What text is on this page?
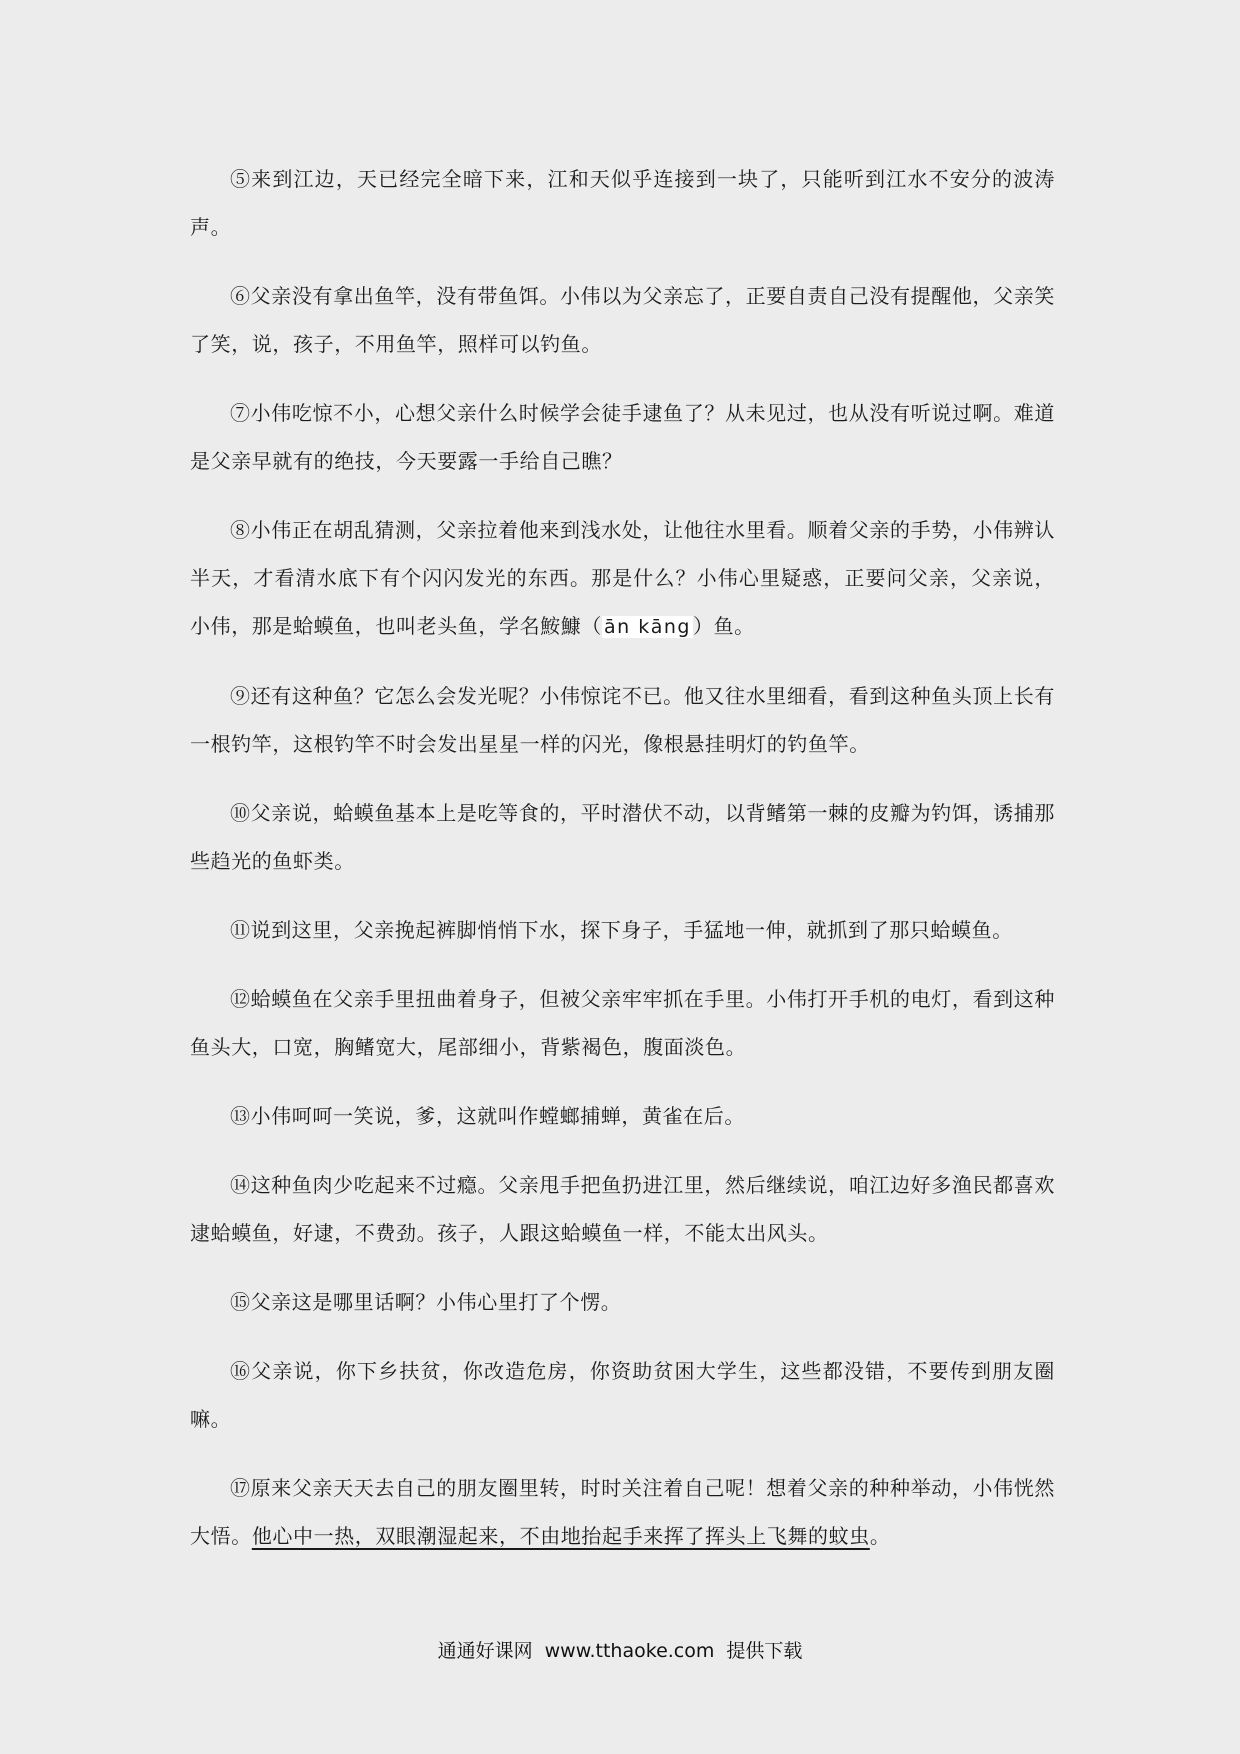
⑤来到江边，天已经完全暗下来，江和天似乎连接到一块了，只能听到江水不安分的波涛声。

⑥父亲没有拿出鱼竿，没有带鱼饵。小伟以为父亲忘了，正要自责自己没有提醒他，父亲笑了笑，说，孩子，不用鱼竿，照样可以钓鱼。

⑦小伟吃惊不小，心想父亲什么时候学会徒手逮鱼了？从未见过，也从没有听说过啊。难道是父亲早就有的绝技，今天要露一手给自己瞧？

⑧小伟正在胡乱猜测，父亲拉着他来到浅水处，让他往水里看。顺着父亲的手势，小伟辨认半天，才看清水底下有个闪闪发光的东西。那是什么？小伟心里疑惑，正要问父亲，父亲说，小伟，那是蛤蟆鱼，也叫老头鱼，学名鮟鱇（ ān kāng ）鱼。

⑨还有这种鱼？它怎么会发光呢？小伟惊诧不已。他又往水里细看，看到这种鱼头顶上长有一根钓竿，这根钓竿不时会发出星星一样的闪光，像根悬挂明灯的钓鱼竿。

⑩父亲说，蛤蟆鱼基本上是吃等食的，平时潜伏不动，以背鳍第一棘的皮瓣为钓饵，诱捕那些趋光的鱼虾类。

⑪说到这里，父亲挽起裤脚悄悄下水，探下身子，手猛地一伸，就抓到了那只蛤蟆鱼。

⑫蛤蟆鱼在父亲手里扭曲着身子，但被父亲牢牢抓在手里。小伟打开手机的电灯，看到这种鱼头大，口宽，胸鳍宽大，尾部细小，背紫褐色，腹面淡色。

⑬小伟呵呵一笑说，爹，这就叫作螳螂捕蝉，黄雀在后。

⑭这种鱼肉少吃起来不过瘾。父亲甩手把鱼扔进江里，然后继续说，咱江边好多渔民都喜欢逮蛤蟆鱼，好逮，不费劲。孩子，人跟这蛤蟆鱼一样，不能太出风头。

⑮父亲这是哪里话啊？小伟心里打了个愣。

⑯父亲说，你下乡扶贫，你改造危房，你资助贫困大学生，这些都没错，不要传到朋友圈嘛。

⑰原来父亲天天去自己的朋友圈里转，时时关注着自己呢！想着父亲的种种举动，小伟恍然大悟。他心中一热，双眼潮湿起来，不由地抬起手来挥了挥头上飞舞的蚊虫。

通通好课网 www.tthaoke.com 提供下载
